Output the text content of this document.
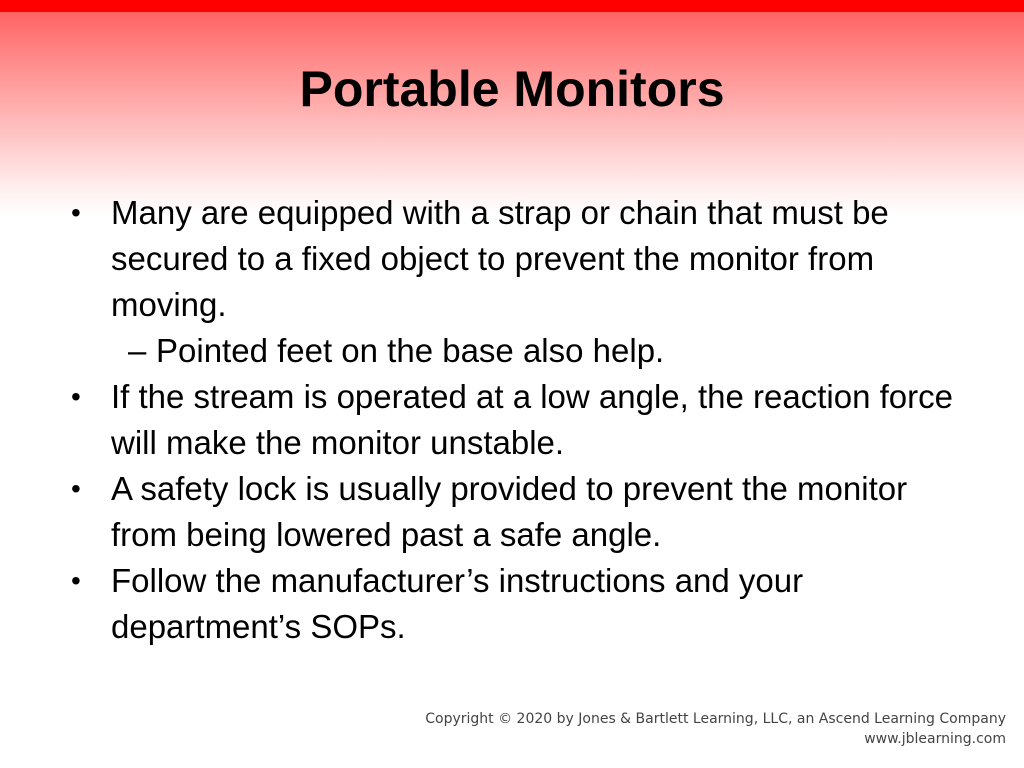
Portable Monitors
• Many are equipped with a strap or chain that must be secured to a fixed object to prevent the monitor from moving.
– Pointed feet on the base also help.
• If the stream is operated at a low angle, the reaction force will make the monitor unstable.
• A safety lock is usually provided to prevent the monitor from being lowered past a safe angle.
• Follow the manufacturer’s instructions and your department’s SOPs.
Copyright © 2020 by Jones & Bartlett Learning, LLC, an Ascend Learning Company
www.jblearning.com
